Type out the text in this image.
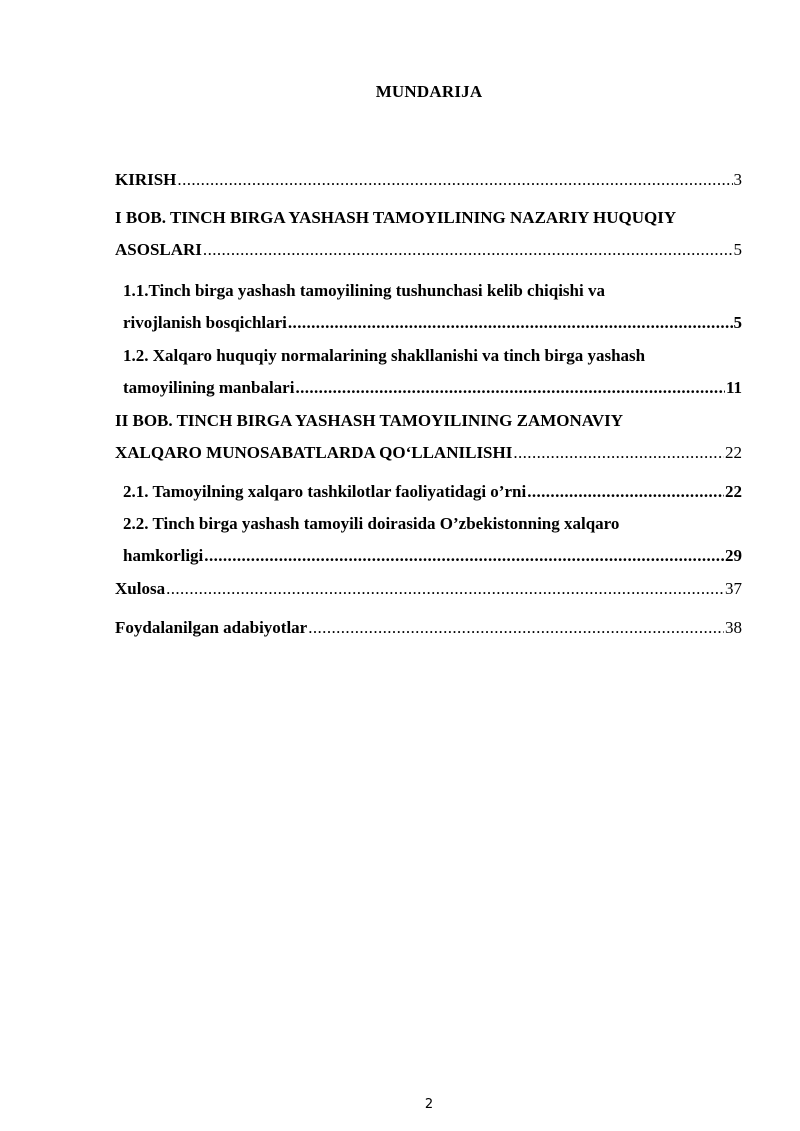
MUNDARIJA
KIRISH .....	3
I BOB. TINCH BIRGA YASHASH TAMOYILINING NAZARIY HUQUQIY
ASOSLARI .....	5
1.1.Tinch birga yashash tamoyilining tushunchasi kelib chiqishi va
rivojlanish bosqichlari .....	5
1.2. Xalqaro huquqiy normalarining shakllanishi va tinch birga yashash
tamoyilining manbalari .....	11
II BOB. TINCH BIRGA YASHASH TAMOYILINING ZAMONAVIY
XALQARO MUNOSABATLARDA QO‘LLANILISHI .....	22
2.1. Tamoyilning xalqaro tashkilotlar faoliyatidagi o’rni .....	22
2.2. Tinch birga yashash tamoyili doirasida O’zbekistonning xalqaro
hamkorligi .....	29
Xulosa .....	37
Foydalanilgan adabiyotlar .....	38
2
